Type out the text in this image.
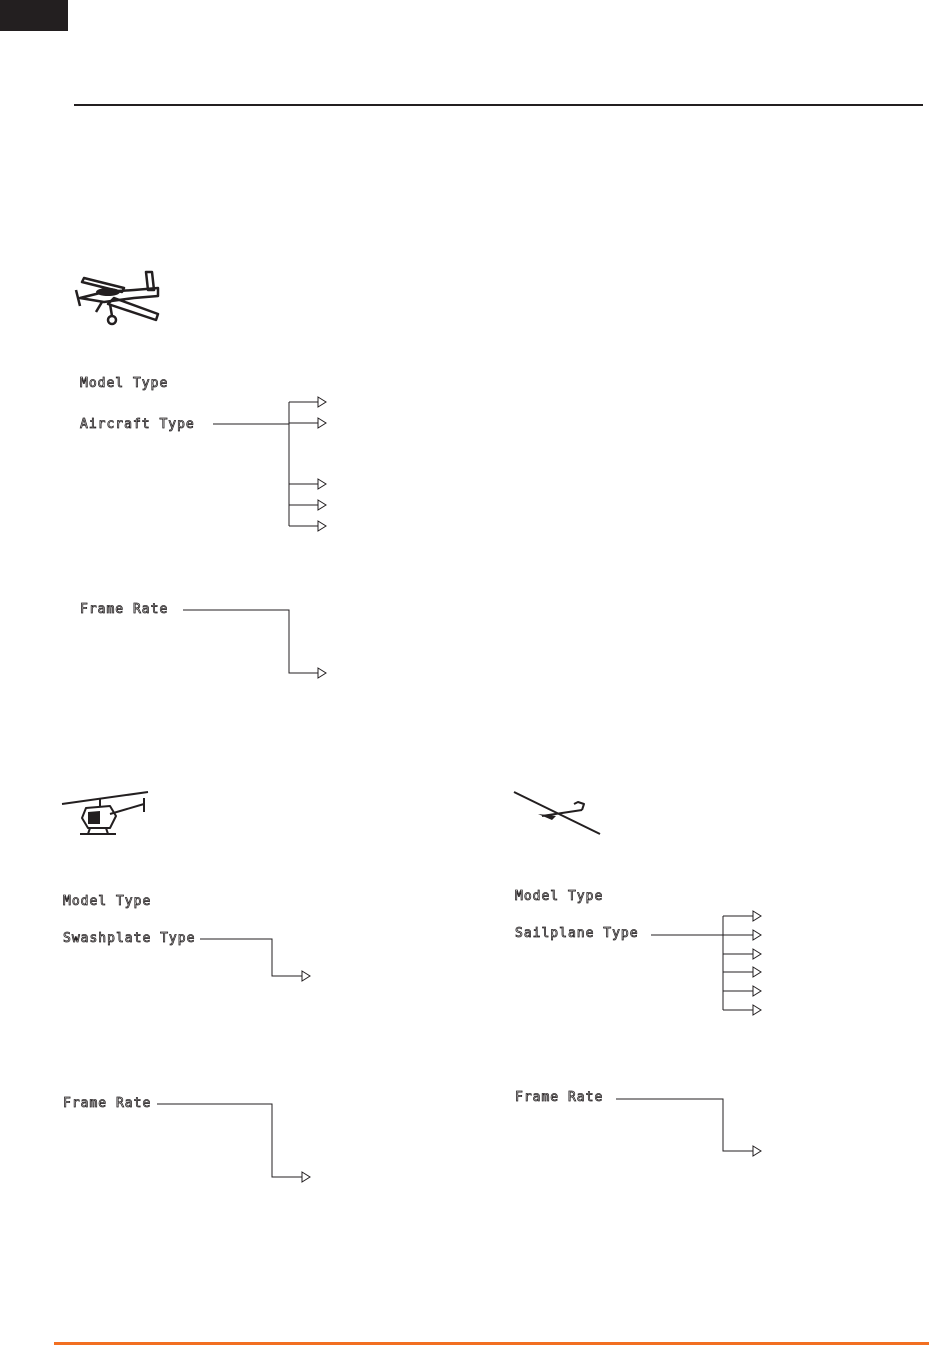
Model Type
Aircraft Type
Frame Rate
Model Type
Swashplate Type
Frame Rate
Model Type
Sailplane Type
Frame Rate
